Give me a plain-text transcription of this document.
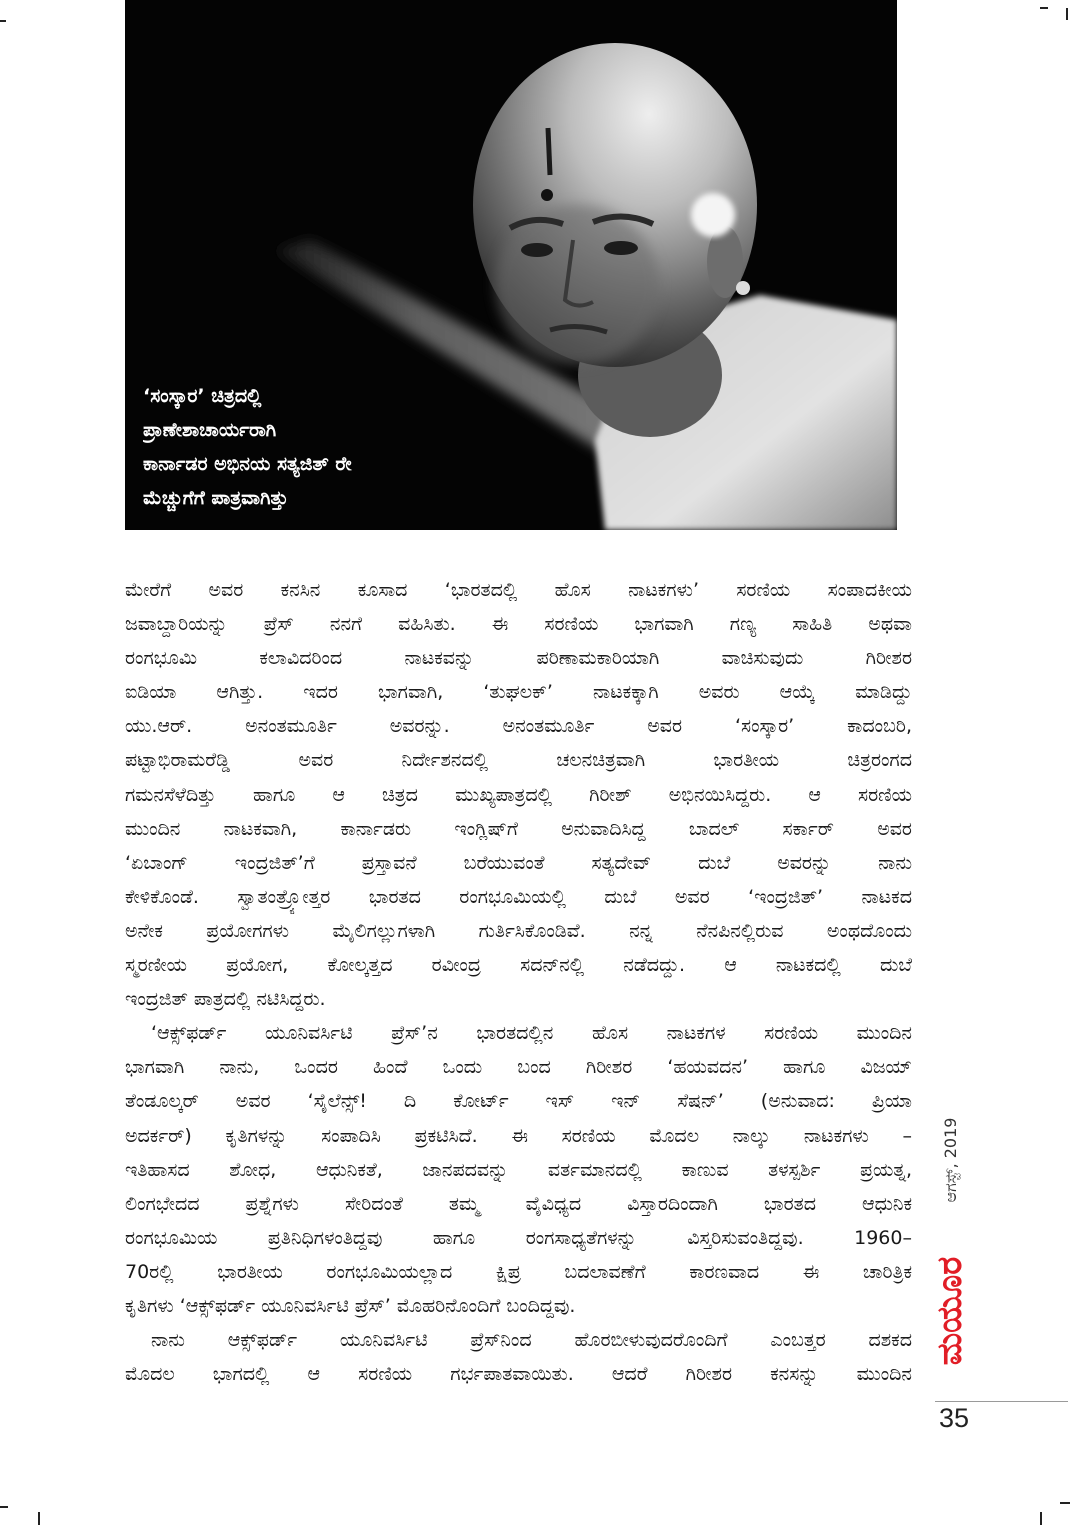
‘ಸಂಸ್ಕಾರ’ ಚಿತ್ರದಲ್ಲಿ
ಪ್ರಾಣೇಶಾಚಾರ್ಯರಾಗಿ
ಕಾರ್ನಾಡರ ಅಭಿನಯ ಸತ್ಯಜಿತ್ ರೇ
ಮೆಚ್ಚುಗೆಗೆ ಪಾತ್ರವಾಗಿತ್ತು
ಮೇರೆಗೆ ಅವರ ಕನಸಿನ ಕೂಸಾದ ‘ಭಾರತದಲ್ಲಿ ಹೊಸ ನಾಟಕಗಳು’ ಸರಣಿಯ ಸಂಪಾದಕೀಯ
ಜವಾಬ್ದಾರಿಯನ್ನು ಪ್ರೆಸ್ ನನಗೆ ವಹಿಸಿತು. ಈ ಸರಣಿಯ ಭಾಗವಾಗಿ ಗಣ್ಯ ಸಾಹಿತಿ ಅಥವಾ
ರಂಗಭೂಮಿ ಕಲಾವಿದರಿಂದ ನಾಟಕವನ್ನು ಪರಿಣಾಮಕಾರಿಯಾಗಿ ವಾಚಿಸುವುದು ಗಿರೀಶರ
ಐಡಿಯಾ ಆಗಿತ್ತು. ಇದರ ಭಾಗವಾಗಿ, ‘ತುಘಲಕ್’ ನಾಟಕಕ್ಕಾಗಿ ಅವರು ಆಯ್ಕೆ ಮಾಡಿದ್ದು
ಯು.ಆರ್. ಅನಂತಮೂರ್ತಿ ಅವರನ್ನು. ಅನಂತಮೂರ್ತಿ ಅವರ ‘ಸಂಸ್ಕಾರ’ ಕಾದಂಬರಿ,
ಪಟ್ಟಾಭಿರಾಮರೆಡ್ಡಿ ಅವರ ನಿರ್ದೇಶನದಲ್ಲಿ ಚಲನಚಿತ್ರವಾಗಿ ಭಾರತೀಯ ಚಿತ್ರರಂಗದ
ಗಮನಸೆಳೆದಿತ್ತು ಹಾಗೂ ಆ ಚಿತ್ರದ ಮುಖ್ಯಪಾತ್ರದಲ್ಲಿ ಗಿರೀಶ್ ಅಭಿನಯಿಸಿದ್ದರು. ಆ ಸರಣಿಯ
ಮುಂದಿನ ನಾಟಕವಾಗಿ, ಕಾರ್ನಾಡರು ಇಂಗ್ಲಿಷ್‌ಗೆ ಅನುವಾದಿಸಿದ್ದ ಬಾದಲ್ ಸರ್ಕಾರ್ ಅವರ
‘ಏಬಾಂಗ್ ಇಂದ್ರಜಿತ್’ಗೆ ಪ್ರಸ್ತಾವನೆ ಬರೆಯುವಂತೆ ಸತ್ಯದೇವ್ ದುಬೆ ಅವರನ್ನು ನಾನು
ಕೇಳಿಕೊಂಡೆ. ಸ್ವಾತಂತ್ರ್ಯೋತ್ತರ ಭಾರತದ ರಂಗಭೂಮಿಯಲ್ಲಿ ದುಬೆ ಅವರ ‘ಇಂದ್ರಜಿತ್’ ನಾಟಕದ
ಅನೇಕ ಪ್ರಯೋಗಗಳು ಮೈಲಿಗಲ್ಲುಗಳಾಗಿ ಗುರ್ತಿಸಿಕೊಂಡಿವೆ. ನನ್ನ ನೆನಪಿನಲ್ಲಿರುವ ಅಂಥದೊಂದು
ಸ್ಮರಣೀಯ ಪ್ರಯೋಗ, ಕೋಲ್ಕತ್ತದ ರವೀಂದ್ರ ಸದನ್‌ನಲ್ಲಿ ನಡೆದದ್ದು. ಆ ನಾಟಕದಲ್ಲಿ ದುಬೆ
ಇಂದ್ರಜಿತ್ ಪಾತ್ರದಲ್ಲಿ ನಟಿಸಿದ್ದರು.
‘ಆಕ್ಸ್‌ಫರ್ಡ್ ಯೂನಿವರ್ಸಿಟಿ ಪ್ರೆಸ್’ನ ಭಾರತದಲ್ಲಿನ ಹೊಸ ನಾಟಕಗಳ ಸರಣಿಯ ಮುಂದಿನ
ಭಾಗವಾಗಿ ನಾನು, ಒಂದರ ಹಿಂದೆ ಒಂದು ಬಂದ ಗಿರೀಶರ ‘ಹಯವದನ’ ಹಾಗೂ ವಿಜಯ್
ತೆಂಡೂಲ್ಕರ್ ಅವರ ‘ಸೈಲೆನ್ಸ್! ದಿ ಕೋರ್ಟ್ ಇಸ್ ಇನ್ ಸೆಷನ್’ (ಅನುವಾದ: ಪ್ರಿಯಾ
ಅದರ್ಕರ್) ಕೃತಿಗಳನ್ನು ಸಂಪಾದಿಸಿ ಪ್ರಕಟಿಸಿದೆ. ಈ ಸರಣಿಯ ಮೊದಲ ನಾಲ್ಕು ನಾಟಕಗಳು –
ಇತಿಹಾಸದ ಶೋಧ, ಆಧುನಿಕತೆ, ಜಾನಪದವನ್ನು ವರ್ತಮಾನದಲ್ಲಿ ಕಾಣುವ ತಳಸ್ಪರ್ಶಿ ಪ್ರಯತ್ನ,
ಲಿಂಗಭೇದದ ಪ್ರಶ್ನೆಗಳು ಸೇರಿದಂತೆ ತಮ್ಮ ವೈವಿಧ್ಯದ ವಿಸ್ತಾರದಿಂದಾಗಿ ಭಾರತದ ಆಧುನಿಕ
ರಂಗಭೂಮಿಯ ಪ್ರತಿನಿಧಿಗಳಂತಿದ್ದವು ಹಾಗೂ ರಂಗಸಾಧ್ಯತೆಗಳನ್ನು ವಿಸ್ತರಿಸುವಂತಿದ್ದವು. 1960–
70ರಲ್ಲಿ ಭಾರತೀಯ ರಂಗಭೂಮಿಯಲ್ಲಾದ ಕ್ಷಿಪ್ರ ಬದಲಾವಣೆಗೆ ಕಾರಣವಾದ ಈ ಚಾರಿತ್ರಿಕ
ಕೃತಿಗಳು ‘ಆಕ್ಸ್‌ಫರ್ಡ್ ಯೂನಿವರ್ಸಿಟಿ ಪ್ರೆಸ್’ ಮೊಹರಿನೊಂದಿಗೆ ಬಂದಿದ್ದವು.
ನಾನು ಆಕ್ಸ್‌ಫರ್ಡ್ ಯೂನಿವರ್ಸಿಟಿ ಪ್ರೆಸ್‌ನಿಂದ ಹೊರಬೀಳುವುದರೊಂದಿಗೆ ಎಂಬತ್ತರ ದಶಕದ
ಮೊದಲ ಭಾಗದಲ್ಲಿ ಆ ಸರಣಿಯ ಗರ್ಭಪಾತವಾಯಿತು. ಆದರೆ ಗಿರೀಶರ ಕನಸನ್ನು ಮುಂದಿನ
ಆಗಸ್ಟ್, 2019
ಮಯೂರ
35
